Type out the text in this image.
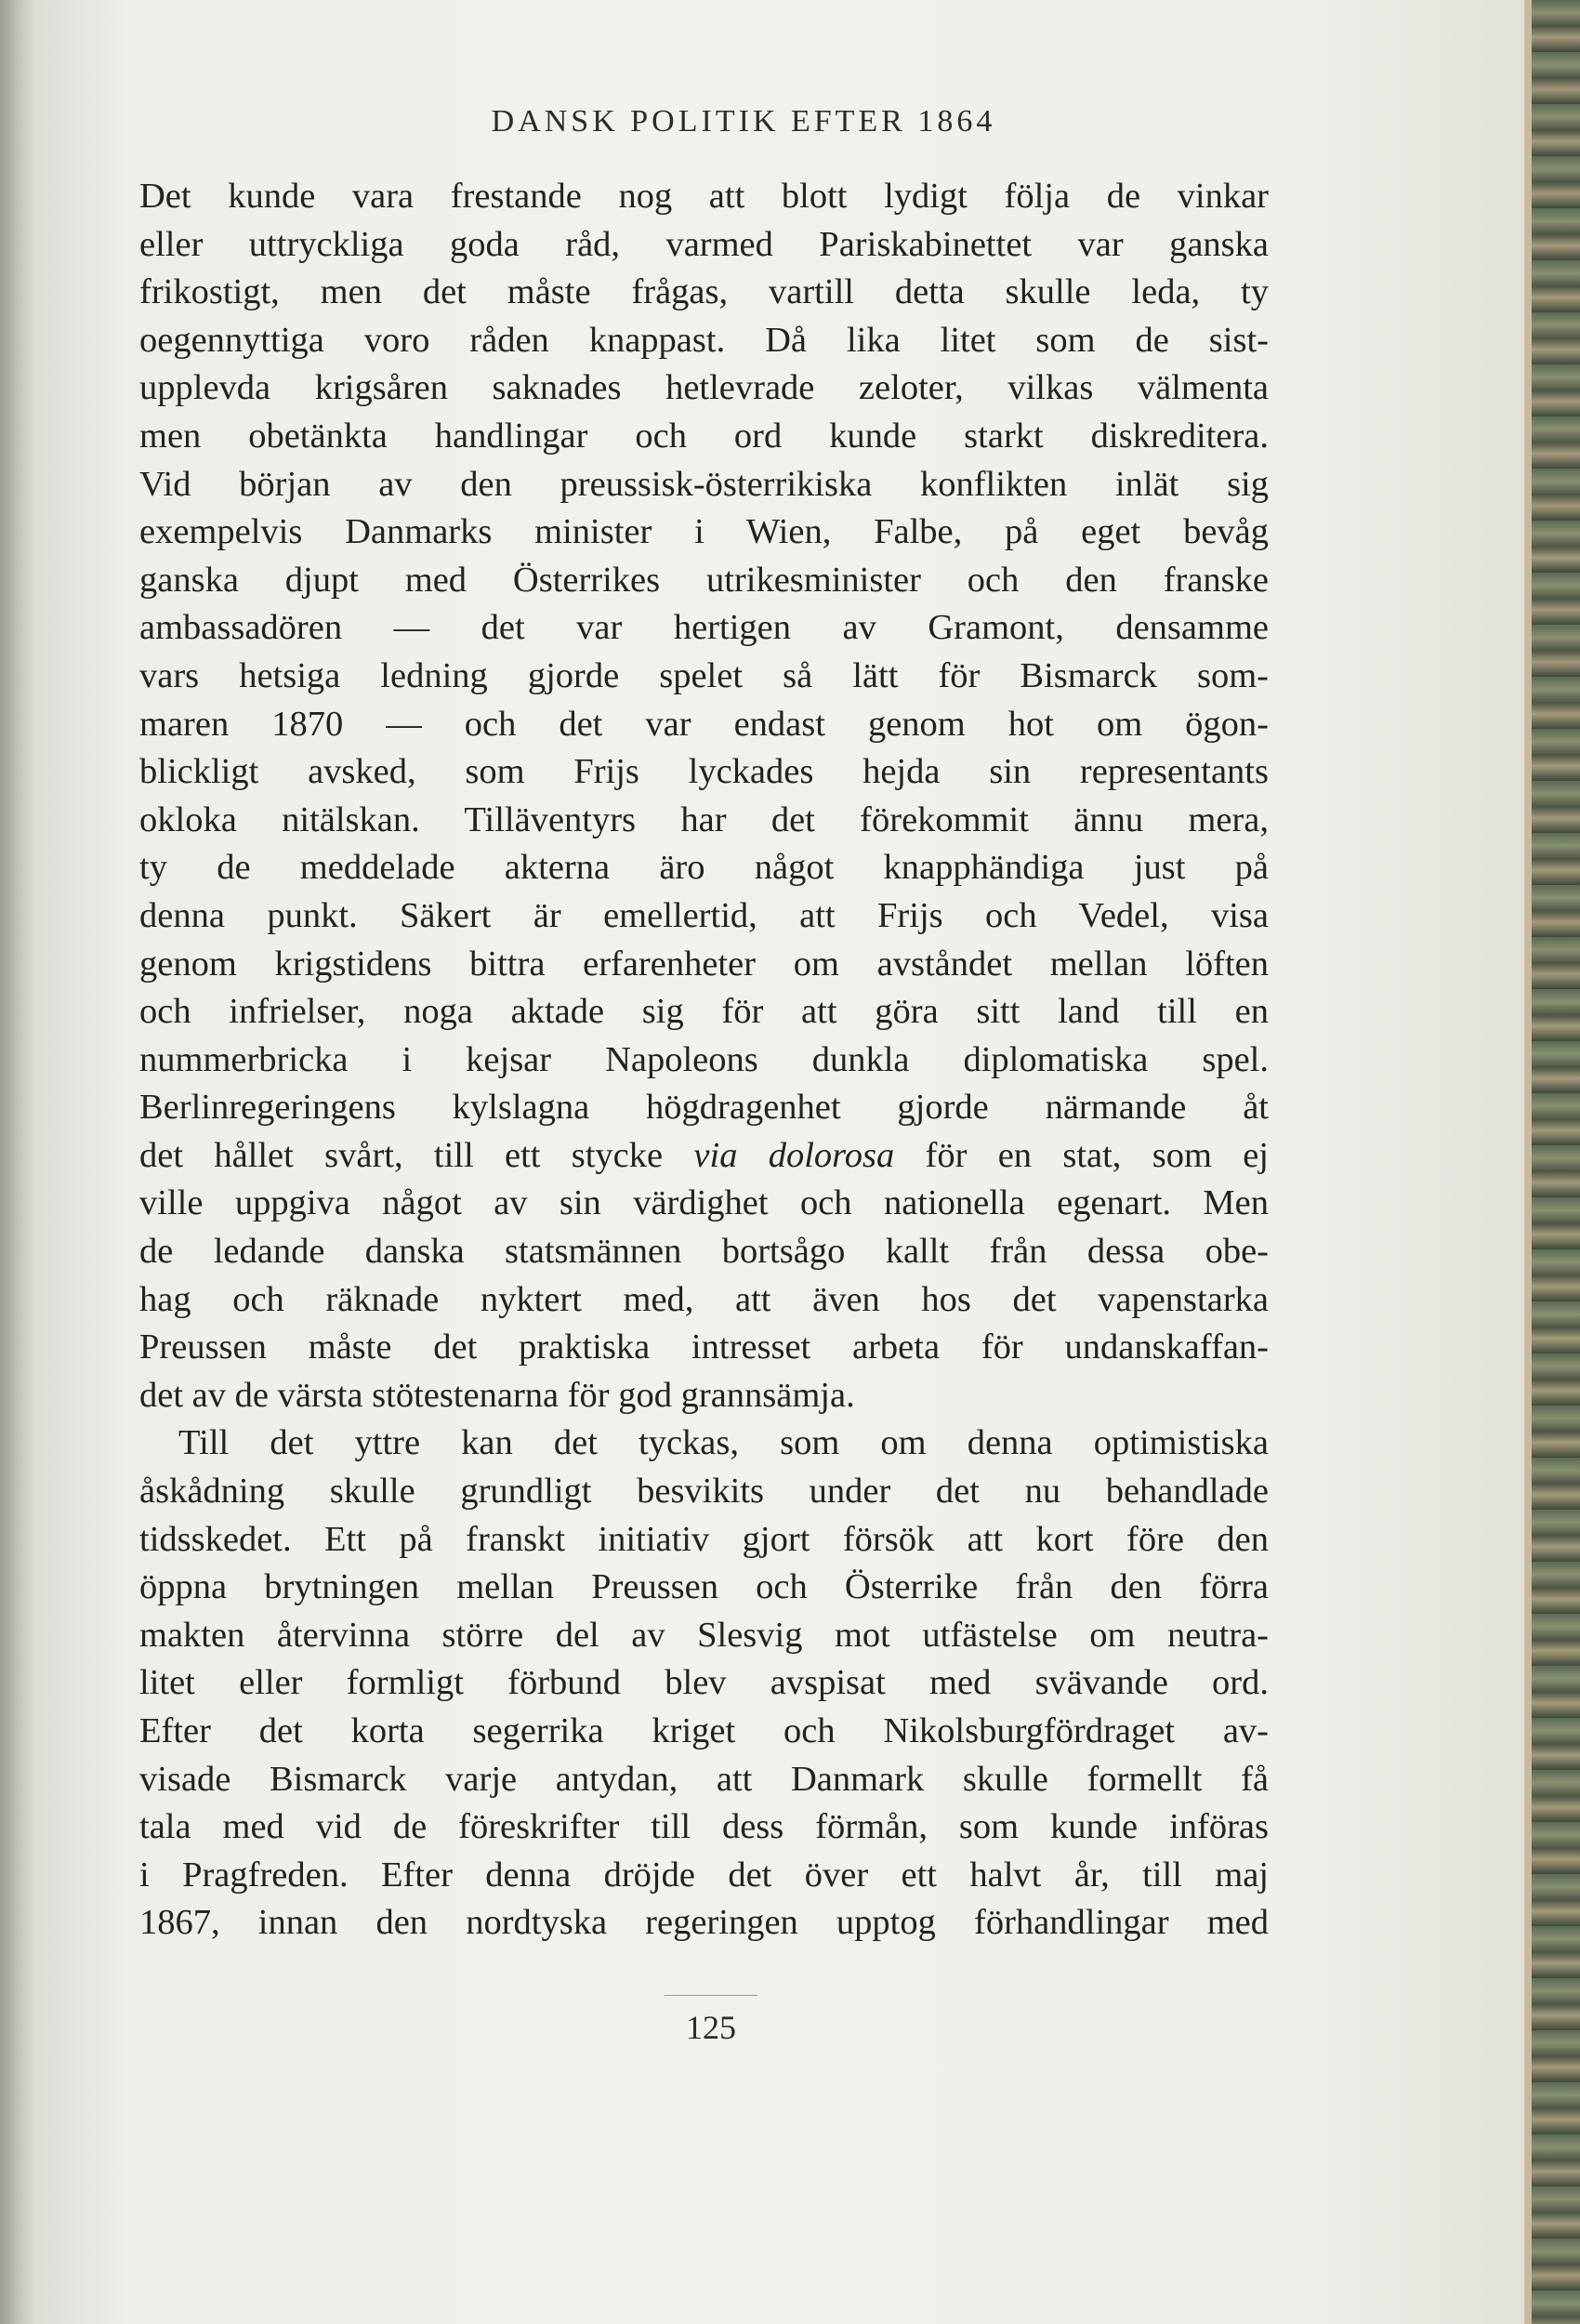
DANSK POLITIK EFTER 1864
Det kunde vara frestande nog att blott lydigt följa de vinkar
eller uttryckliga goda råd, varmed Pariskabinettet var ganska
frikostigt, men det måste frågas, vartill detta skulle leda, ty
oegennyttiga voro råden knappast. Då lika litet som de sist-
upplevda krigsåren saknades hetlevrade zeloter, vilkas välmenta
men obetänkta handlingar och ord kunde starkt diskreditera.
Vid början av den preussisk-österrikiska konflikten inlät sig
exempelvis Danmarks minister i Wien, Falbe, på eget bevåg
ganska djupt med Österrikes utrikesminister och den franske
ambassadören — det var hertigen av Gramont, densamme
vars hetsiga ledning gjorde spelet så lätt för Bismarck som-
maren 1870 — och det var endast genom hot om ögon-
blickligt avsked, som Frijs lyckades hejda sin representants
okloka nitälskan. Tilläventyrs har det förekommit ännu mera,
ty de meddelade akterna äro något knapphändiga just på
denna punkt. Säkert är emellertid, att Frijs och Vedel, visa
genom krigstidens bittra erfarenheter om avståndet mellan löften
och infrielser, noga aktade sig för att göra sitt land till en
nummerbricka i kejsar Napoleons dunkla diplomatiska spel.
Berlinregeringens kylslagna högdragenhet gjorde närmande åt
det hållet svårt, till ett stycke via dolorosa för en stat, som ej
ville uppgiva något av sin värdighet och nationella egenart. Men
de ledande danska statsmännen bortsågo kallt från dessa obe-
hag och räknade nyktert med, att även hos det vapenstarka
Preussen måste det praktiska intresset arbeta för undanskaffan-
det av de värsta stötestenarna för god grannsämja.
Till det yttre kan det tyckas, som om denna optimistiska
åskådning skulle grundligt besvikits under det nu behandlade
tidsskedet. Ett på franskt initiativ gjort försök att kort före den
öppna brytningen mellan Preussen och Österrike från den förra
makten återvinna större del av Slesvig mot utfästelse om neutra-
litet eller formligt förbund blev avspisat med svävande ord.
Efter det korta segerrika kriget och Nikolsburgfördraget av-
visade Bismarck varje antydan, att Danmark skulle formellt få
tala med vid de föreskrifter till dess förmån, som kunde införas
i Pragfreden. Efter denna dröjde det över ett halvt år, till maj
1867, innan den nordtyska regeringen upptog förhandlingar med
125
